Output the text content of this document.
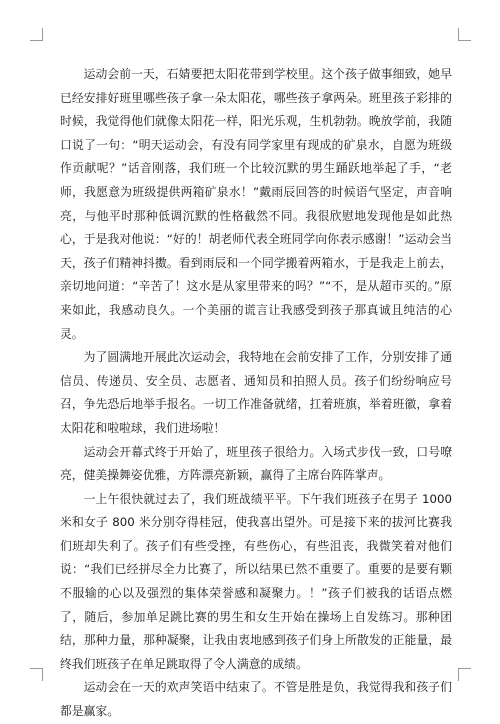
运动会前一天，石婧要把太阳花带到学校里。这个孩子做事细致，她早已经安排好班里哪些孩子拿一朵太阳花，哪些孩子拿两朵。班里孩子彩排的时候，我觉得他们就像太阳花一样，阳光乐观，生机勃勃。晚放学前，我随口说了一句：“明天运动会，有没有同学家里有现成的矿泉水，自愿为班级作贡献呢？”话音刚落，我们班一个比较沉默的男生踊跃地举起了手，“老师，我愿意为班级提供两箱矿泉水！”戴雨辰回答的时候语气坚定，声音响亮，与他平时那种低调沉默的性格截然不同。我很欣慰地发现他是如此热心，于是我对他说：“好的！胡老师代表全班同学向你表示感谢！”运动会当天，孩子们精神抖擞。看到雨辰和一个同学搬着两箱水，于是我走上前去，亲切地问道：“辛苦了！这水是从家里带来的吗？”“不，是从超市买的。”原来如此，我感动良久。一个美丽的谎言让我感受到孩子那真诚且纯洁的心灵。

为了圆满地开展此次运动会，我特地在会前安排了工作，分别安排了通信员、传递员、安全员、志愿者、通知员和拍照人员。孩子们纷纷响应号召，争先恐后地举手报名。一切工作准备就绪，扛着班旗，举着班徽，拿着太阳花和啦啦球，我们进场啦！

运动会开幕式终于开始了，班里孩子很给力。入场式步伐一致，口号嘹亮，健美操舞姿优雅，方阵漂亮新颖，赢得了主席台阵阵掌声。

一上午很快就过去了，我们班战绩平平。下午我们班孩子在男子 1000 米和女子 800 米分别夺得桂冠，使我喜出望外。可是接下来的拔河比赛我们班却失利了。孩子们有些受挫，有些伤心，有些沮丧，我微笑着对他们说：“我们已经拼尽全力比赛了，所以结果已然不重要了。重要的是要有颗不服输的心以及强烈的集体荣誉感和凝聚力。！”孩子们被我的话语点燃了，随后，参加单足跳比赛的男生和女生开始在操场上自发练习。那种团结，那种力量，那种凝聚，让我由衷地感到孩子们身上所散发的正能量，最终我们班孩子在单足跳取得了令人满意的成绩。

运动会在一天的欢声笑语中结束了。不管是胜是负，我觉得我和孩子们都是赢家。
